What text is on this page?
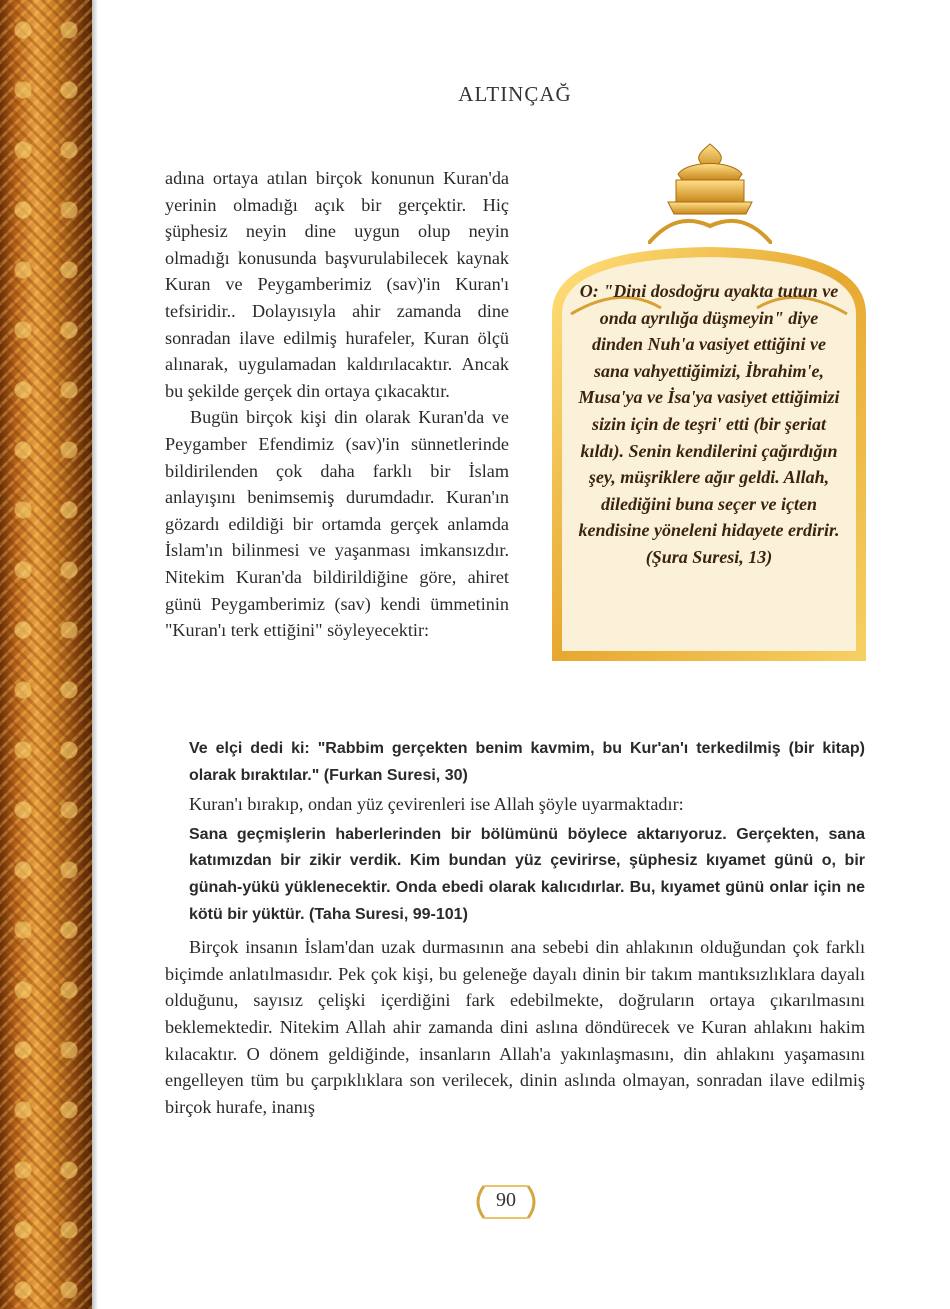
ALTINÇAĞ

adına ortaya atılan birçok konunun Kuran'da yerinin olmadığı açık bir gerçektir. Hiç şüphesiz neyin dine uygun olup neyin olmadığı konusunda başvurulabilecek kaynak Kuran ve Peygamberimiz (sav)'in Kuran'ı tefsiridir.. Dolayısıyla ahir zamanda dine sonradan ilave edilmiş hurafeler, Kuran ölçü alınarak, uygulamadan kaldırılacaktır. Ancak bu şekilde gerçek din ortaya çıkacaktır.

Bugün birçok kişi din olarak Kuran'da ve Peygamber Efendimiz (sav)'in sünnetlerinde bildirilenden çok daha farklı bir İslam anlayışını benimsemiş durumdadır. Kuran'ın gözardı edildiği bir ortamda gerçek anlamda İslam'ın bilinmesi ve yaşanması imkansızdır. Nitekim Kuran'da bildirildiğine göre, ahiret günü Peygamberimiz (sav) kendi ümmetinin "Kuran'ı terk ettiğini" söyleyecektir:

O: "Dini dosdoğru ayakta tutun ve onda ayrılığa düşmeyin" diye dinden Nuh'a vasiyet ettiğini ve sana vahyettiğimizi, İbrahim'e, Musa'ya ve İsa'ya vasiyet ettiğimizi sizin için de teşri' etti (bir şeriat kıldı). Senin kendilerini çağırdığın şey, müşriklere ağır geldi. Allah, dilediğini buna seçer ve içten kendisine yöneleni hidayete erdirir.
(Şura Suresi, 13)

Ve elçi dedi ki: "Rabbim gerçekten benim kavmim, bu Kur'an'ı terkedilmiş (bir kitap) olarak bıraktılar." (Furkan Suresi, 30)

Kuran'ı bırakıp, ondan yüz çevirenleri ise Allah şöyle uyarmaktadır:

Sana geçmişlerin haberlerinden bir bölümünü böylece aktarıyoruz. Gerçekten, sana katımızdan bir zikir verdik. Kim bundan yüz çevirirse, şüphesiz kıyamet günü o, bir günah-yükü yüklenecektir. Onda ebedi olarak kalıcıdırlar. Bu, kıyamet günü onlar için ne kötü bir yüktür. (Taha Suresi, 99-101)

Birçok insanın İslam'dan uzak durmasının ana sebebi din ahlakının olduğundan çok farklı biçimde anlatılmasıdır. Pek çok kişi, bu geleneğe dayalı dinin bir takım mantıksızlıklara dayalı olduğunu, sayısız çelişki içerdiğini fark edebilmekte, doğruların ortaya çıkarılmasını beklemektedir. Nitekim Allah ahir zamanda dini aslına döndürecek ve Kuran ahlakını hakim kılacaktır. O dönem geldiğinde, insanların Allah'a yakınlaşmasını, din ahlakını yaşamasını engelleyen tüm bu çarpıklıklara son verilecek, dinin aslında olmayan, sonradan ilave edilmiş birçok hurafe, inanış

90
